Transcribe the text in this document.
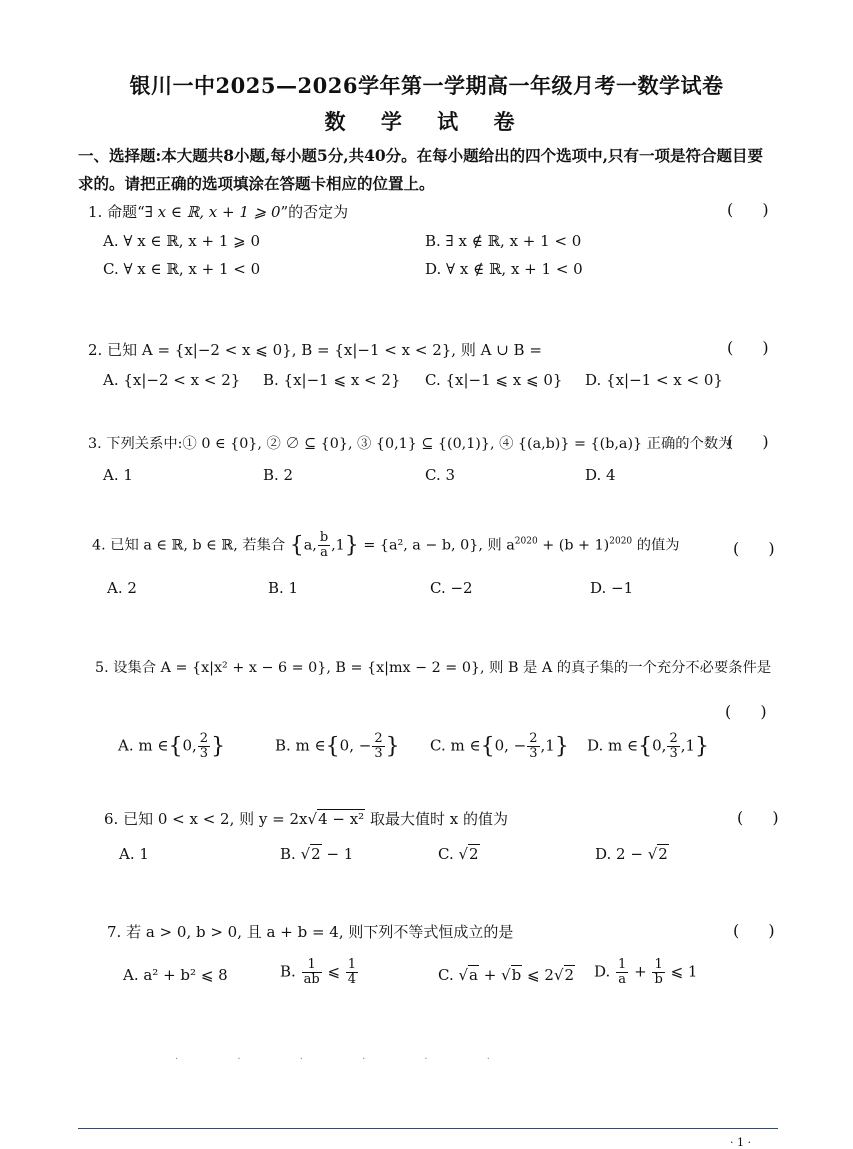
银川一中2025—2026学年第一学期高一年级月考一数学试卷
数 学 试 卷
一、选择题:本大题共8小题,每小题5分,共40分。在每小题给出的四个选项中,只有一项是符合题目要求的。请把正确的选项填涂在答题卡相应的位置上。
1. 命题“∃ x ∈ ℝ, x + 1 ⩾ 0”的否定为	( )
A. ∀ x ∈ ℝ, x + 1 ⩾ 0	B. ∃ x ∉ ℝ, x + 1 < 0
C. ∀ x ∈ ℝ, x + 1 < 0	D. ∀ x ∉ ℝ, x + 1 < 0
2. 已知 A = {x|−2 < x ⩽ 0}, B = {x|−1 < x < 2}, 则 A ∪ B =	( )
A. {x|−2 < x < 2} B. {x|−1 ⩽ x < 2} C. {x|−1 ⩽ x ⩽ 0} D. {x|−1 < x < 0}
3. 下列关系中:① 0 ∈ {0}, ② ∅ ⊆ {0}, ③ {0,1} ⊆ {(0,1)}, ④ {(a,b)} = {(b,a)} 正确的个数为
( )
A. 1	B. 2	C. 3	D. 4
4. 已知 a ∈ ℝ, b ∈ ℝ, 若集合 {a, $\frac{b}{a} ,1\} = \{a^2$, a − b, 0}, 则 $a^{2020} + (b + 1)^{2020}$ 的值为	( )
A. 2	B. 1	C. −2	D. −1
5. 设集合 A = {x|x² + x − 6 = 0}, B = {x|mx − 2 = 0}, 则 B 是 A 的真子集的一个充分不必要条件是
( )
A. m ∈{0, $\frac{2}{3}$ }	B. m ∈{0, − $\frac{2}{3}$ } C. m ∈{0, − $\frac{2}{3} ,1$} D. m ∈{0, $\frac{2}{3} ,1$}
6. 已知 0 < x < 2, 则 y = 2x√4 − x² 取最大值时 x 的值为	( )
A. 1	B. √2 − 1	C. √2	D. 2 − √2
7. 若 a > 0, b > 0, 且 a + b = 4, 则下列不等式恒成立的是	( )
A. a² + b² ⩽ 8	B. $\frac{1}{ab}$ ⩽ $\frac{1}{4}$	C. √a + √b ⩽ 2√2 D. $\frac{1}{a} + \frac{1}{b}$ ⩽ 1
· · · · · ·
· 1 ·
